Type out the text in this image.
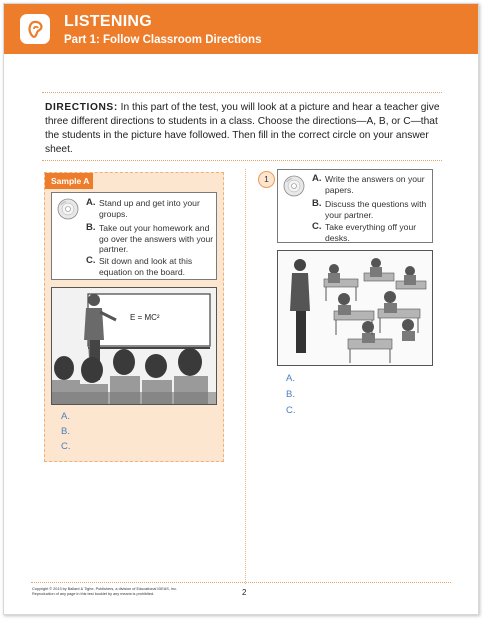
LISTENING
Part 1: Follow Classroom Directions
DIRECTIONS: In this part of the test, you will look at a picture and hear a teacher give three different directions to students in a class. Choose the directions—A, B, or C—that the students in the picture have followed. Then fill in the correct circle on your answer sheet.
Sample A
A. Stand up and get into your groups.
B. Take out your homework and go over the answers with your partner.
C. Sit down and look at this equation on the board.
E = MC²
A.
B.
C.
1	A. Write the answers on your papers.
B. Discuss the questions with your partner.
C. Take everything off your desks.
A.
B.
C.
Copyright © 2013 by Ballard & Tighe, Publishers, a division of Educational IDEAS, Inc.
Reproduction of any page in this test booklet by any means is prohibited.	2
